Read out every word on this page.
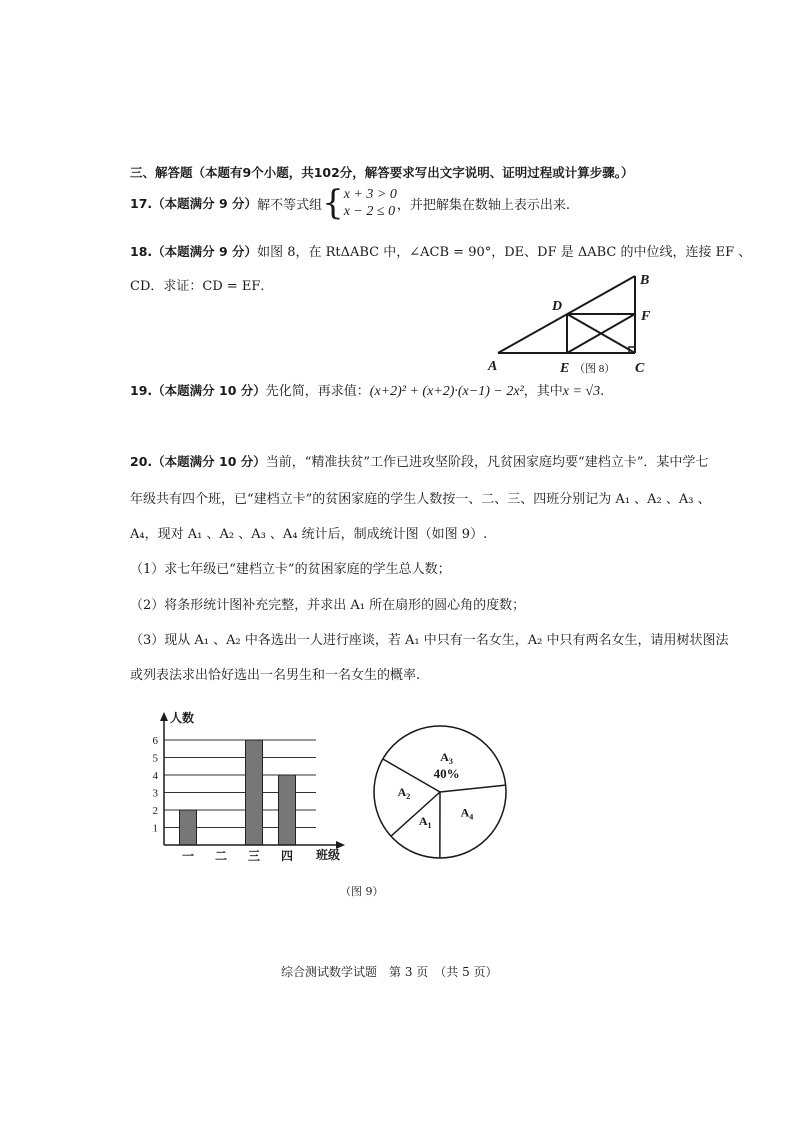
三、解答题（本题有9个小题，共102分，解答要求写出文字说明、证明过程或计算步骤。）
17. （本题满分 9 分） 解不等式组 { x + 3 > 0
x − 2 ≤ 0 ，并把解集在数轴上表示出来.
18.（本题满分 9 分）如图 8，在 RtΔABC 中，∠ACB = 90°，DE、DF 是 ΔABC 的中位线，连接 EF 、
CD．求证：CD = EF．
A
B
C
D
E
F
（图 8）
19. （本题满分 10 分） 先化简，再求值： (x+2)² + (x+2)·(x−1) − 2x² ，其中 x = √3 .
20.（本题满分 10 分）当前，“精准扶贫”工作已进攻坚阶段，凡贫困家庭均要“建档立卡”．某中学七
年级共有四个班，已“建档立卡”的贫困家庭的学生人数按一、二、三、四班分别记为 A₁ 、A₂ 、A₃ 、
A₄，现对 A₁ 、A₂ 、A₃ 、A₄ 统计后，制成统计图（如图 9）.
（1）求七年级已“建档立卡”的贫困家庭的学生总人数；
（2）将条形统计图补充完整，并求出 A₁ 所在扇形的圆心角的度数；
（3）现从 A₁ 、A₂ 中各选出一人进行座谈，若 A₁ 中只有一名女生，A₂ 中只有两名女生，请用树状图法
或列表法求出恰好选出一名男生和一名女生的概率.
1
2
3
4
5
6
一 二 三 四
人数
班级
$A_3$
40%
$A_4$
$A_1$
$A_2$
（图 9）
综合测试数学试题　第 3 页　（共 5 页）
